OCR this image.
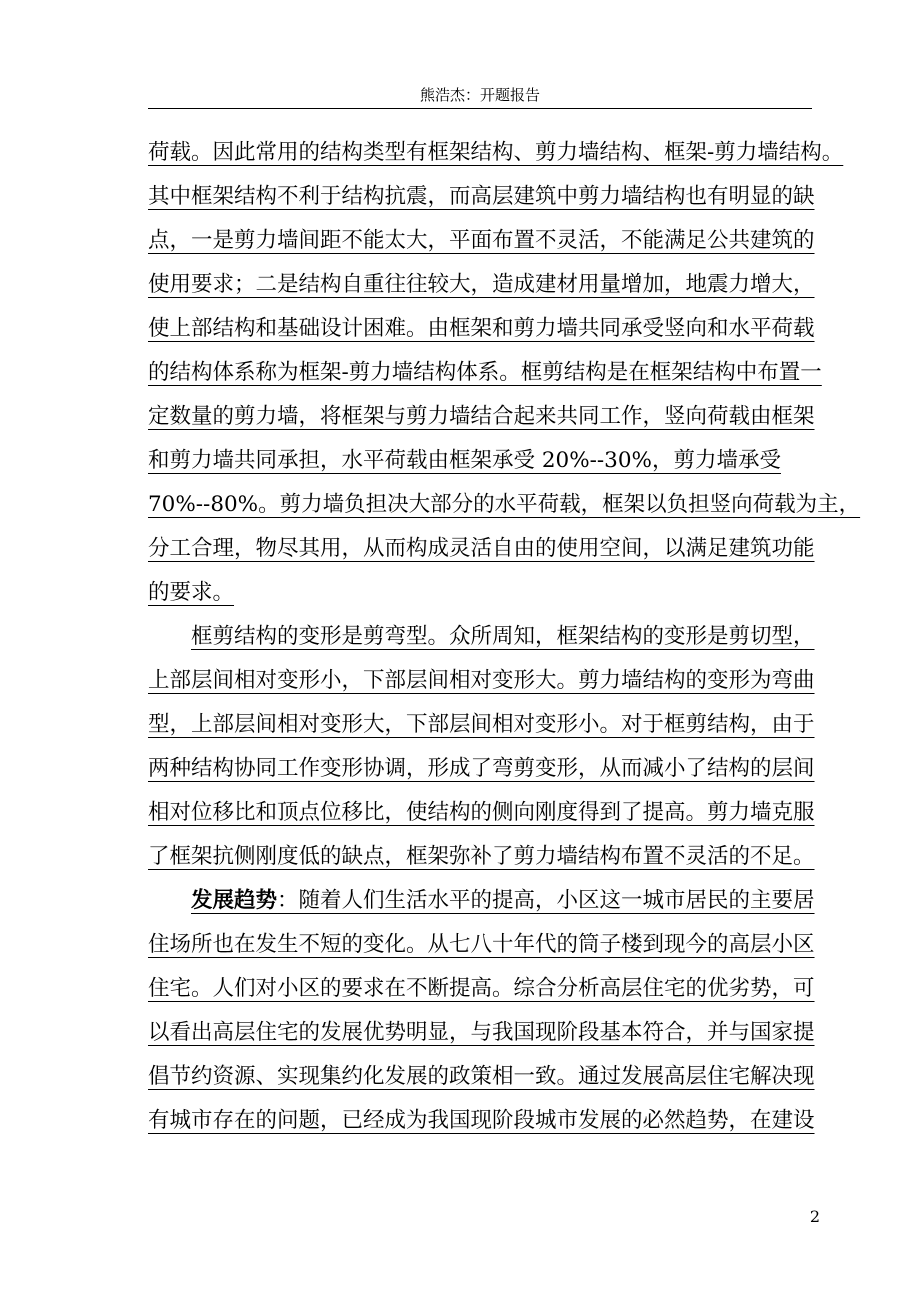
熊浩杰：开题报告
荷载。因此常用的结构类型有框架结构、剪力墙结构、框架-剪力墙结构。
其中框架结构不利于结构抗震，而高层建筑中剪力墙结构也有明显的缺
点，一是剪力墙间距不能太大，平面布置不灵活，不能满足公共建筑的
使用要求；二是结构自重往往较大，造成建材用量增加，地震力增大，
使上部结构和基础设计困难。由框架和剪力墙共同承受竖向和水平荷载
的结构体系称为框架-剪力墙结构体系。框剪结构是在框架结构中布置一
定数量的剪力墙，将框架与剪力墙结合起来共同工作，竖向荷载由框架
和剪力墙共同承担，水平荷载由框架承受 20%--30%，剪力墙承受
70%--80%。剪力墙负担决大部分的水平荷载，框架以负担竖向荷载为主，
分工合理，物尽其用，从而构成灵活自由的使用空间，以满足建筑功能
的要求。
框剪结构的变形是剪弯型。众所周知，框架结构的变形是剪切型，
上部层间相对变形小，下部层间相对变形大。剪力墙结构的变形为弯曲
型，上部层间相对变形大，下部层间相对变形小。对于框剪结构，由于
两种结构协同工作变形协调，形成了弯剪变形，从而减小了结构的层间
相对位移比和顶点位移比，使结构的侧向刚度得到了提高。剪力墙克服
了框架抗侧刚度低的缺点，框架弥补了剪力墙结构布置不灵活的不足。
发展趋势：随着人们生活水平的提高，小区这一城市居民的主要居
住场所也在发生不短的变化。从七八十年代的筒子楼到现今的高层小区
住宅。人们对小区的要求在不断提高。综合分析高层住宅的优劣势，可
以看出高层住宅的发展优势明显，与我国现阶段基本符合，并与国家提
倡节约资源、实现集约化发展的政策相一致。通过发展高层住宅解决现
有城市存在的问题，已经成为我国现阶段城市发展的必然趋势，在建设
2
